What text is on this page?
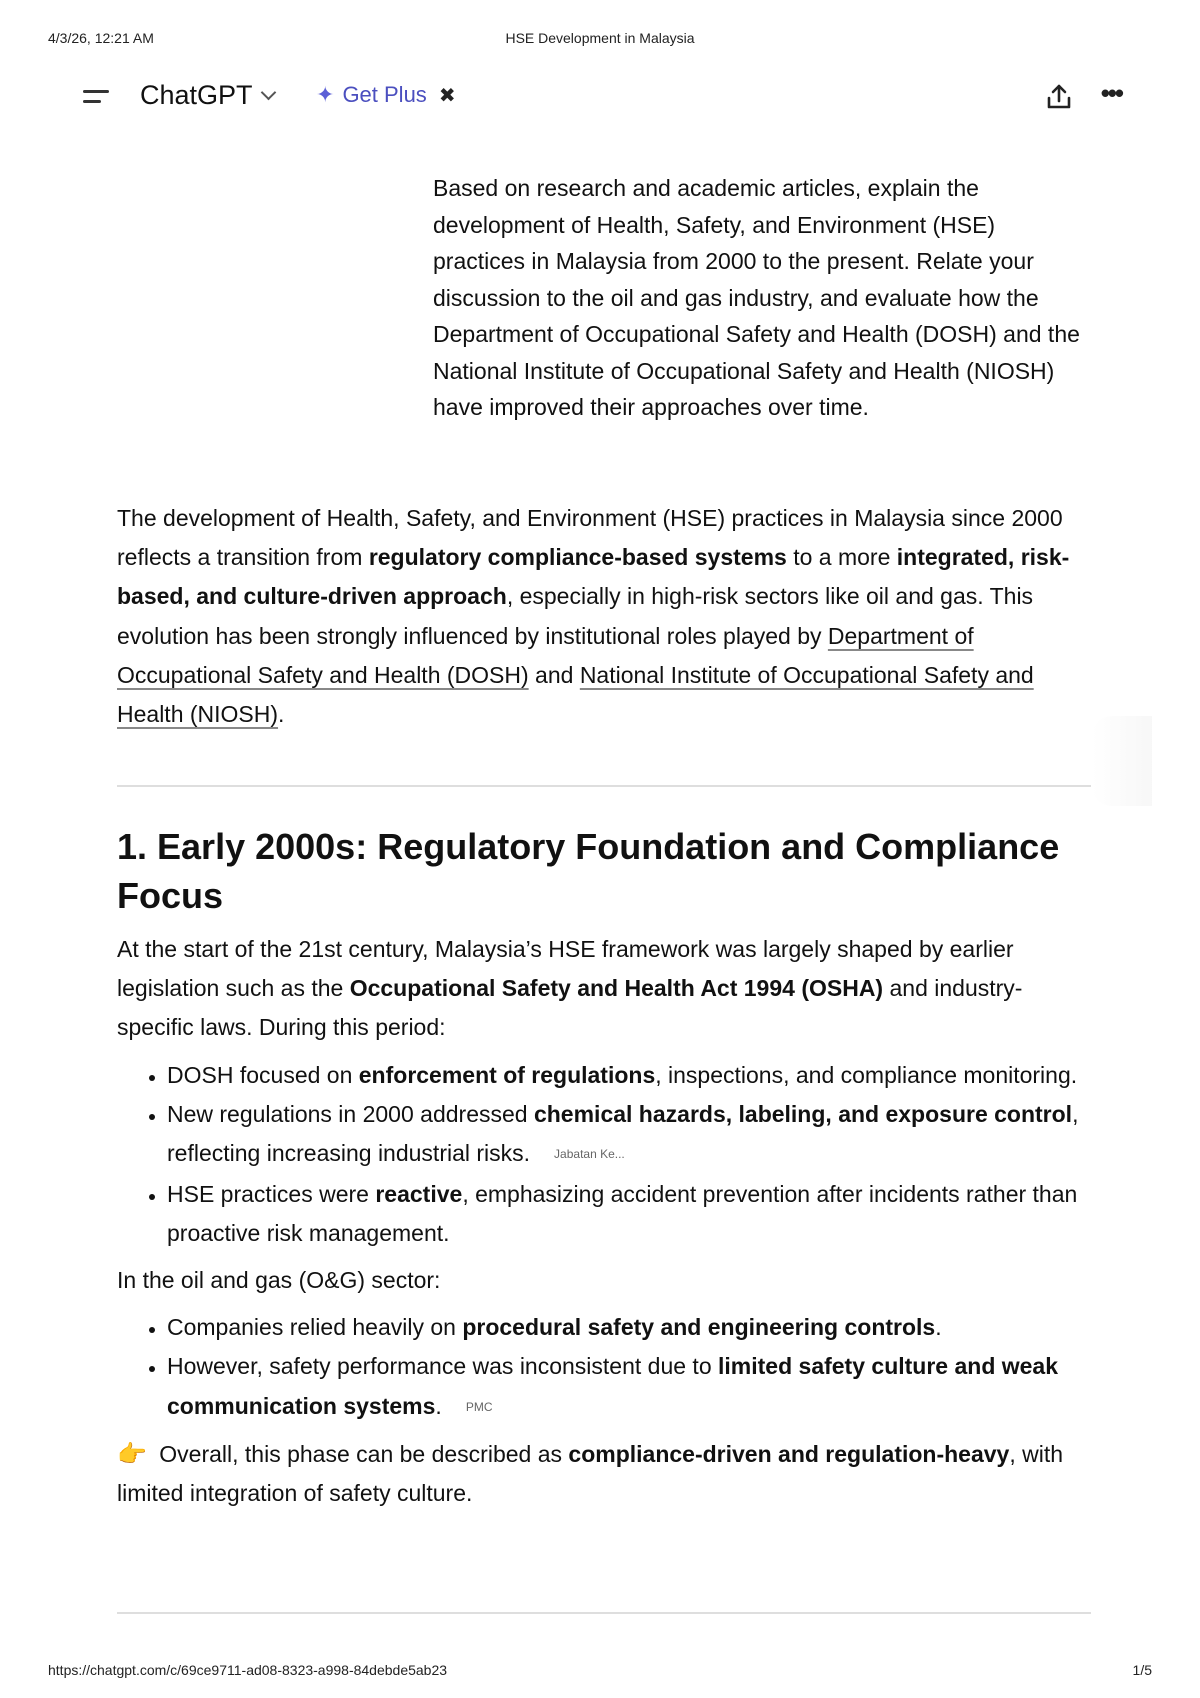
4/3/26, 12:21 AM	HSE Development in Malaysia
ChatGPT	✦ Get Plus ✖	•••
Based on research and academic articles, explain the development of Health, Safety, and Environment (HSE) practices in Malaysia from 2000 to the present. Relate your discussion to the oil and gas industry, and evaluate how the Department of Occupational Safety and Health (DOSH) and the National Institute of Occupational Safety and Health (NIOSH) have improved their approaches over time.

The development of Health, Safety, and Environment (HSE) practices in Malaysia since 2000 reflects a transition from regulatory compliance-based systems to a more integrated, risk-based, and culture-driven approach, especially in high-risk sectors like oil and gas. This evolution has been strongly influenced by institutional roles played by Department of Occupational Safety and Health (DOSH) and National Institute of Occupational Safety and Health (NIOSH).

1. Early 2000s: Regulatory Foundation and Compliance Focus

At the start of the 21st century, Malaysia’s HSE framework was largely shaped by earlier legislation such as the Occupational Safety and Health Act 1994 (OSHA) and industry-specific laws. During this period:

• DOSH focused on enforcement of regulations, inspections, and compliance monitoring.
• New regulations in 2000 addressed chemical hazards, labeling, and exposure control, reflecting increasing industrial risks. Jabatan Ke...
• HSE practices were reactive, emphasizing accident prevention after incidents rather than proactive risk management.

In the oil and gas (O&G) sector:

• Companies relied heavily on procedural safety and engineering controls.
• However, safety performance was inconsistent due to limited safety culture and weak communication systems. PMC

👉 Overall, this phase can be described as compliance-driven and regulation-heavy, with limited integration of safety culture.

https://chatgpt.com/c/69ce9711-ad08-8323-a998-84debde5ab23	1/5
